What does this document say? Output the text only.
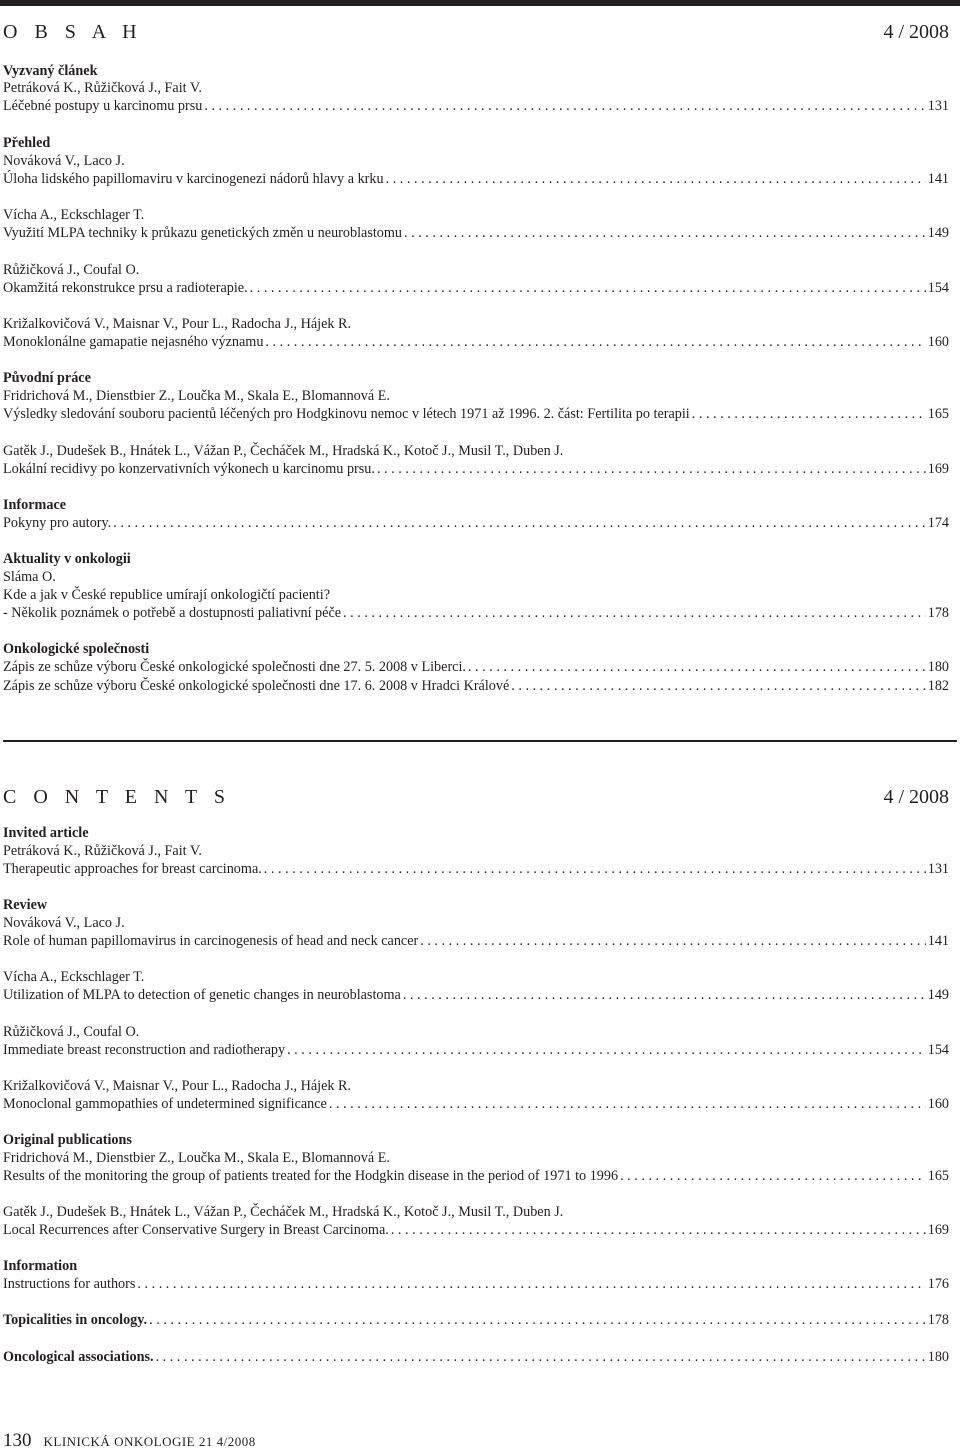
O B S A H	4 / 2008
Vyzvaný článek
Petráková K., Růžičková J., Fait V.
Léčebné postupy u karcinomu prsu . . .	131
Přehled
Nováková V., Laco J.
Úloha lidského papillomaviru v karcinogenezi nádorů hlavy a krku . . .	141
Vícha A., Eckschlager T.
Využití MLPA techniky k průkazu genetických změn u neuroblastomu . . .	149
Růžičková J., Coufal O.
Okamžitá rekonstrukce prsu a radioterapie. . . .	154
Križalkovičová V., Maisnar V., Pour L., Radocha J., Hájek R.
Monoklonálne gamapatie nejasného významu . . .	160
Původní práce
Fridrichová M., Dienstbier Z., Loučka M., Skala E., Blomannová E.
Výsledky sledování souboru pacientů léčených pro Hodgkinovu nemoc v létech 1971 až 1996. 2. část: Fertilita po terapii . . .	165
Gatěk J., Dudešek B., Hnátek L., Vážan P., Čecháček M., Hradská K., Kotoč J., Musil T., Duben J.
Lokální recidivy po konzervativních výkonech u karcinomu prsu. . . .	169
Informace
Pokyny pro autory. . . .	174
Aktuality v onkologii
Sláma O.
Kde a jak v České republice umírají onkologičtí pacienti?
- Několik poznámek o potřebě a dostupnosti paliativní péče . . .	178
Onkologické společnosti
Zápis ze schůze výboru České onkologické společnosti dne 27. 5. 2008 v Liberci. . . .	180
Zápis ze schůze výboru České onkologické společnosti dne 17. 6. 2008 v Hradci Králové . . .	182
C O N T E N T S	4 / 2008
Invited article
Petráková K., Růžičková J., Fait V.
Therapeutic approaches for breast carcinoma. . . .	131
Review
Nováková V., Laco J.
Role of human papillomavirus in carcinogenesis of head and neck cancer . . .	141
Vícha A., Eckschlager T.
Utilization of MLPA to detection of genetic changes in neuroblastoma . . .	149
Růžičková J., Coufal O.
Immediate breast reconstruction and radiotherapy . . .	154
Križalkovičová V., Maisnar V., Pour L., Radocha J., Hájek R.
Monoclonal gammopathies of undetermined significance . . .	160
Original publications
Fridrichová M., Dienstbier Z., Loučka M., Skala E., Blomannová E.
Results of the monitoring the group of patients treated for the Hodgkin disease in the period of 1971 to 1996 . . .	165
Gatěk J., Dudešek B., Hnátek L., Vážan P., Čecháček M., Hradská K., Kotoč J., Musil T., Duben J.
Local Recurrences after Conservative Surgery in Breast Carcinoma. . . .	169
Information
Instructions for authors . . .	176
Topicalities in oncology. . . .	178
Oncological associations. . . .	180
130 KLINICKÁ ONKOLOGIE 21 4/2008
